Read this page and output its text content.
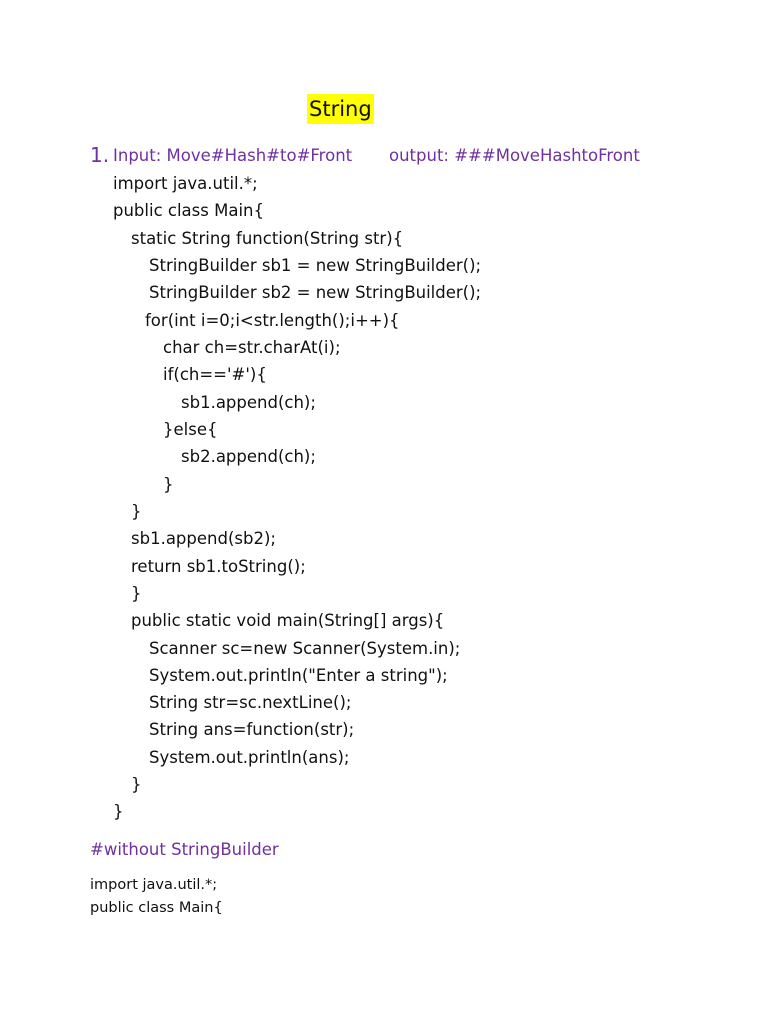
String
1. Input: Move#Hash#to#Front output: ###MoveHashtoFront
import java.util.*;
public class Main{
static String function(String str){
StringBuilder sb1 = new StringBuilder();
StringBuilder sb2 = new StringBuilder();
for(int i=0;i<str.length();i++){
char ch=str.charAt(i);
if(ch=='#'){
sb1.append(ch);
}else{
sb2.append(ch);
}
}
sb1.append(sb2);
return sb1.toString();
}
public static void main(String[] args){
Scanner sc=new Scanner(System.in);
System.out.println("Enter a string");
String str=sc.nextLine();
String ans=function(str);
System.out.println(ans);
}
}
#without StringBuilder
import java.util.*;
public class Main{
